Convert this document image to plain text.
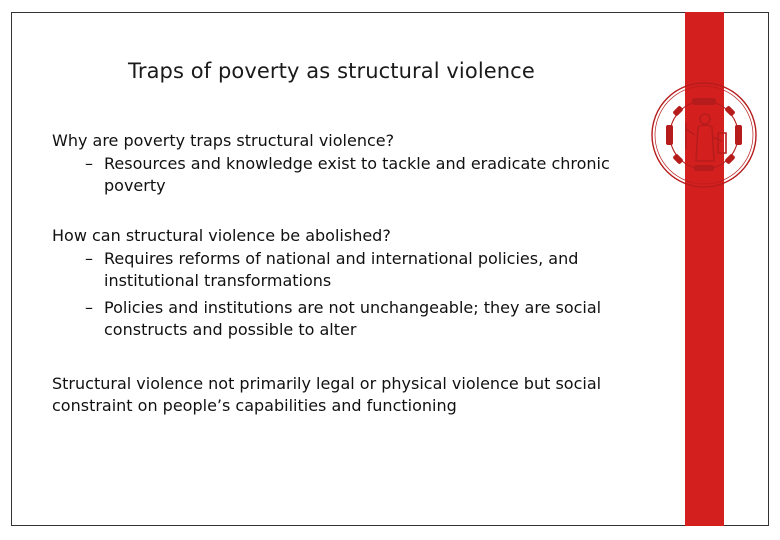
Traps of poverty as structural violence

Why are poverty traps structural violence?

– Resources and knowledge exist to tackle and eradicate chronic poverty

How can structural violence be abolished?

– Requires reforms of national and international policies, and institutional transformations
– Policies and institutions are not unchangeable; they are social constructs and possible to alter

Structural violence not primarily legal or physical violence but social constraint on people’s capabilities and functioning
